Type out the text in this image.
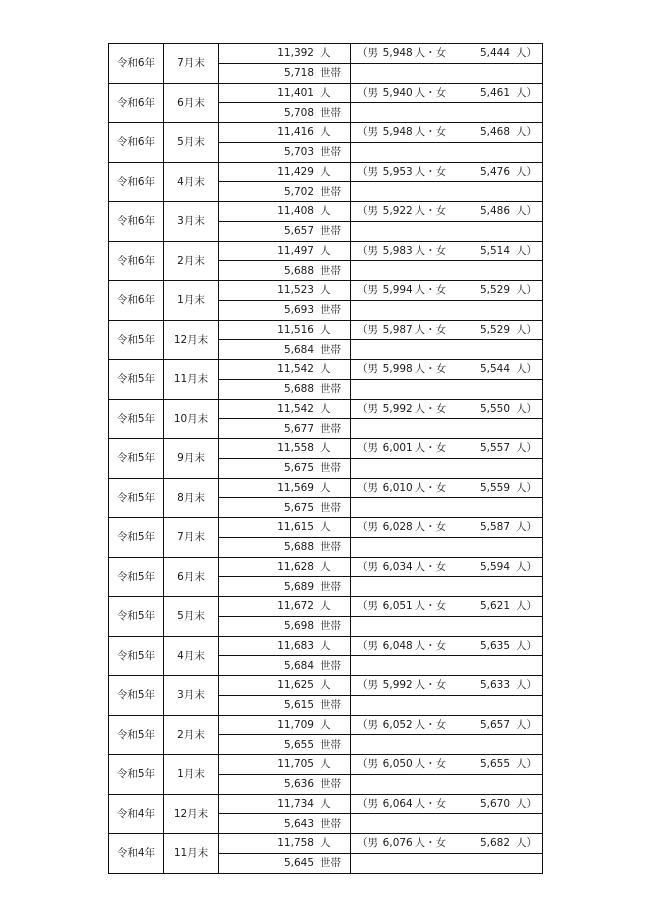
令和6年	7月末	11,392 人	（男 5,948 人・女 5,444 人）

		5,718 世帯	
令和6年	6月末	11,401 人	（男 5,940 人・女 5,461 人）

		5,708 世帯	
令和6年	5月末	11,416 人	（男 5,948 人・女 5,468 人）

		5,703 世帯	
令和6年	4月末	11,429 人	（男 5,953 人・女 5,476 人）

		5,702 世帯	
令和6年	3月末	11,408 人	（男 5,922 人・女 5,486 人）

		5,657 世帯	
令和6年	2月末	11,497 人	（男 5,983 人・女 5,514 人）

		5,688 世帯	
令和6年	1月末	11,523 人	（男 5,994 人・女 5,529 人）

		5,693 世帯	
令和5年	12月末	11,516 人	（男 5,987 人・女 5,529 人）

		5,684 世帯	
令和5年	11月末	11,542 人	（男 5,998 人・女 5,544 人）

		5,688 世帯	
令和5年	10月末	11,542 人	（男 5,992 人・女 5,550 人）

		5,677 世帯	
令和5年	9月末	11,558 人	（男 6,001 人・女 5,557 人）

		5,675 世帯	
令和5年	8月末	11,569 人	（男 6,010 人・女 5,559 人）

		5,675 世帯	
令和5年	7月末	11,615 人	（男 6,028 人・女 5,587 人）

		5,688 世帯	
令和5年	6月末	11,628 人	（男 6,034 人・女 5,594 人）

		5,689 世帯	
令和5年	5月末	11,672 人	（男 6,051 人・女 5,621 人）

		5,698 世帯	
令和5年	4月末	11,683 人	（男 6,048 人・女 5,635 人）

		5,684 世帯	
令和5年	3月末	11,625 人	（男 5,992 人・女 5,633 人）

		5,615 世帯	
令和5年	2月末	11,709 人	（男 6,052 人・女 5,657 人）

		5,655 世帯	
令和5年	1月末	11,705 人	（男 6,050 人・女 5,655 人）

		5,636 世帯	
令和4年	12月末	11,734 人	（男 6,064 人・女 5,670 人）

		5,643 世帯	
令和4年	11月末	11,758 人	（男 6,076 人・女 5,682 人）

		5,645 世帯	
